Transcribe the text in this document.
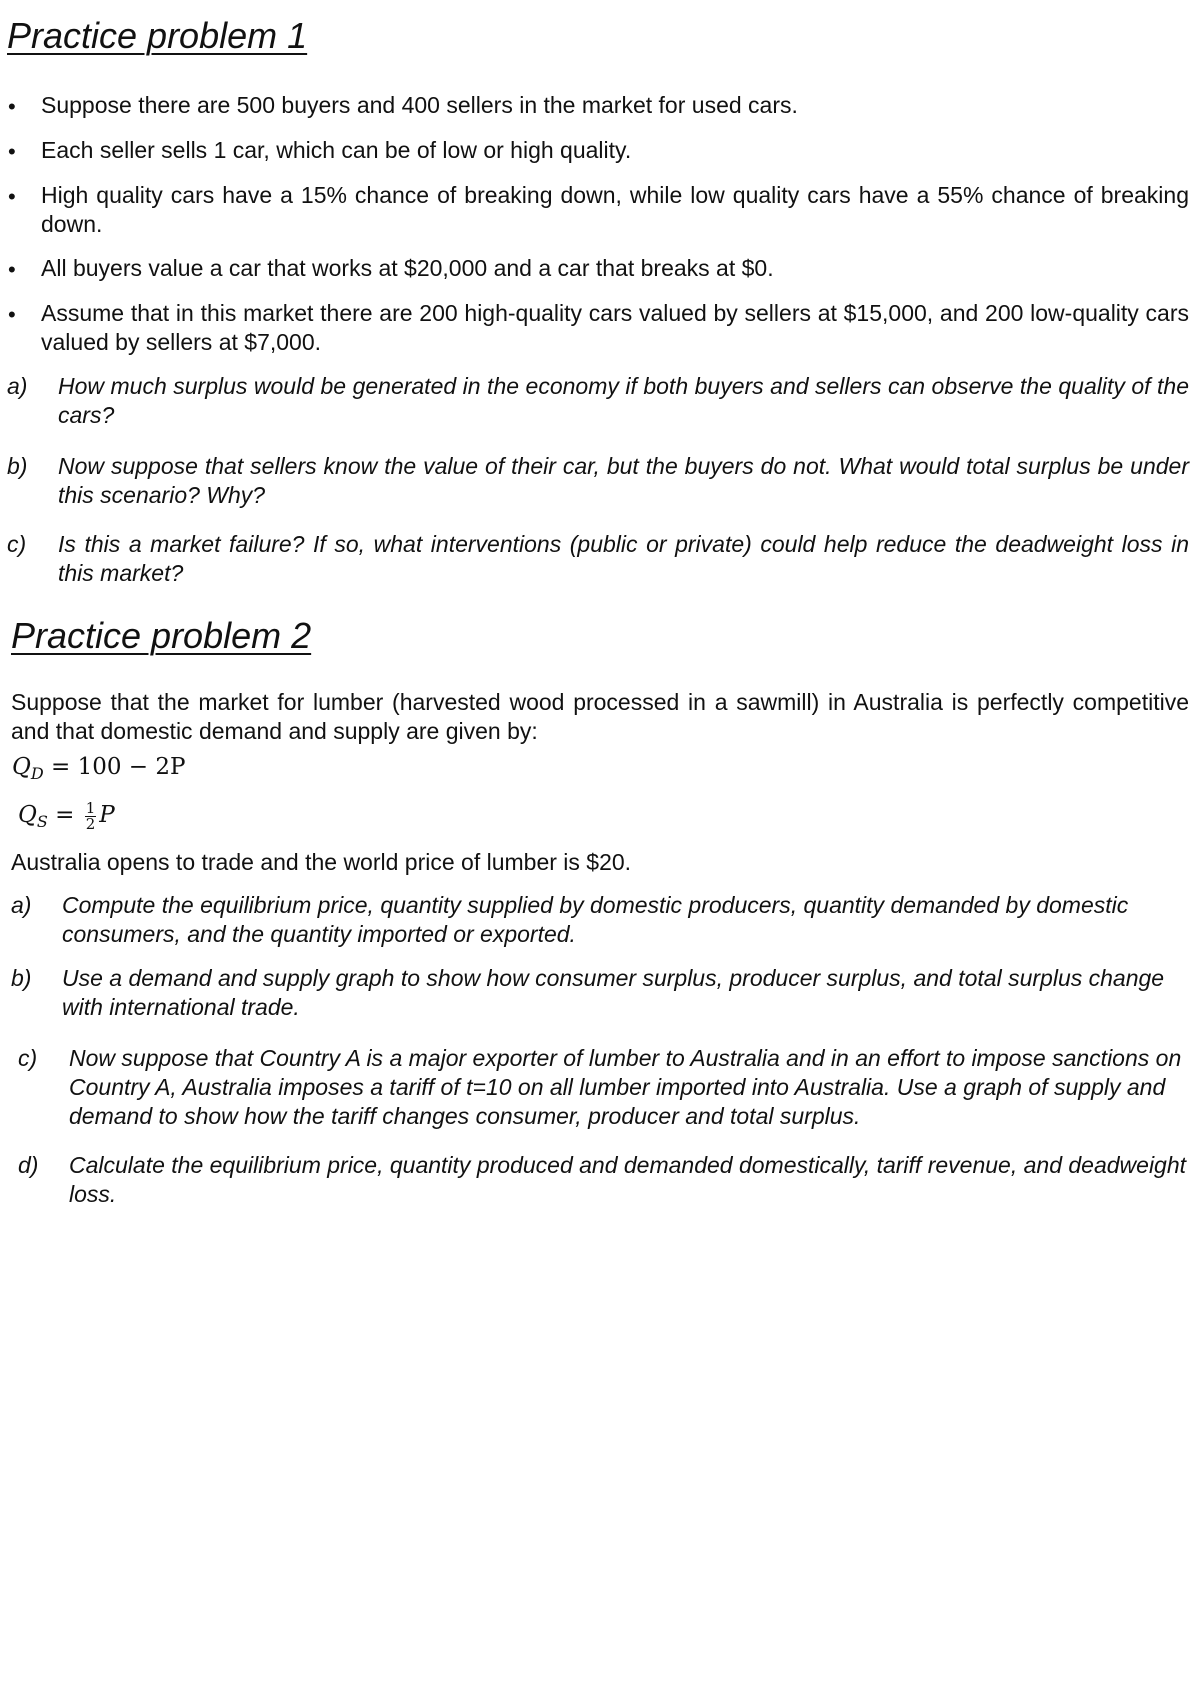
Practice problem 1
• Suppose there are 500 buyers and 400 sellers in the market for used cars.

• Each seller sells 1 car, which can be of low or high quality.

• High quality cars have a 15% chance of breaking down, while low quality cars have a 55% chance of breaking down.

• All buyers value a car that works at $20,000 and a car that breaks at $0.

• Assume that in this market there are 200 high-quality cars valued by sellers at $15,000, and 200 low-quality cars valued by sellers at $7,000.

a) How much surplus would be generated in the economy if both buyers and sellers can observe the quality of the cars?

b) Now suppose that sellers know the value of their car, but the buyers do not. What would total surplus be under this scenario? Why?

c) Is this a market failure? If so, what interventions (public or private) could help reduce the deadweight loss in this market?

Practice problem 2

Suppose that the market for lumber (harvested wood processed in a sawmill) in Australia is perfectly competitive and that domestic demand and supply are given by:

$Q_D = 100 - 2P$
$Q_S = \frac{1}{2}$ P

Australia opens to trade and the world price of lumber is $20.

a) Compute the equilibrium price, quantity supplied by domestic producers, quantity demanded by domestic consumers, and the quantity imported or exported.

b) Use a demand and supply graph to show how consumer surplus, producer surplus, and total surplus change with international trade.

c) Now suppose that Country A is a major exporter of lumber to Australia and in an effort to impose sanctions on Country A, Australia imposes a tariff of t=10 on all lumber imported into Australia. Use a graph of supply and demand to show how the tariff changes consumer, producer and total surplus.

d) Calculate the equilibrium price, quantity produced and demanded domestically, tariff revenue, and deadweight loss.
